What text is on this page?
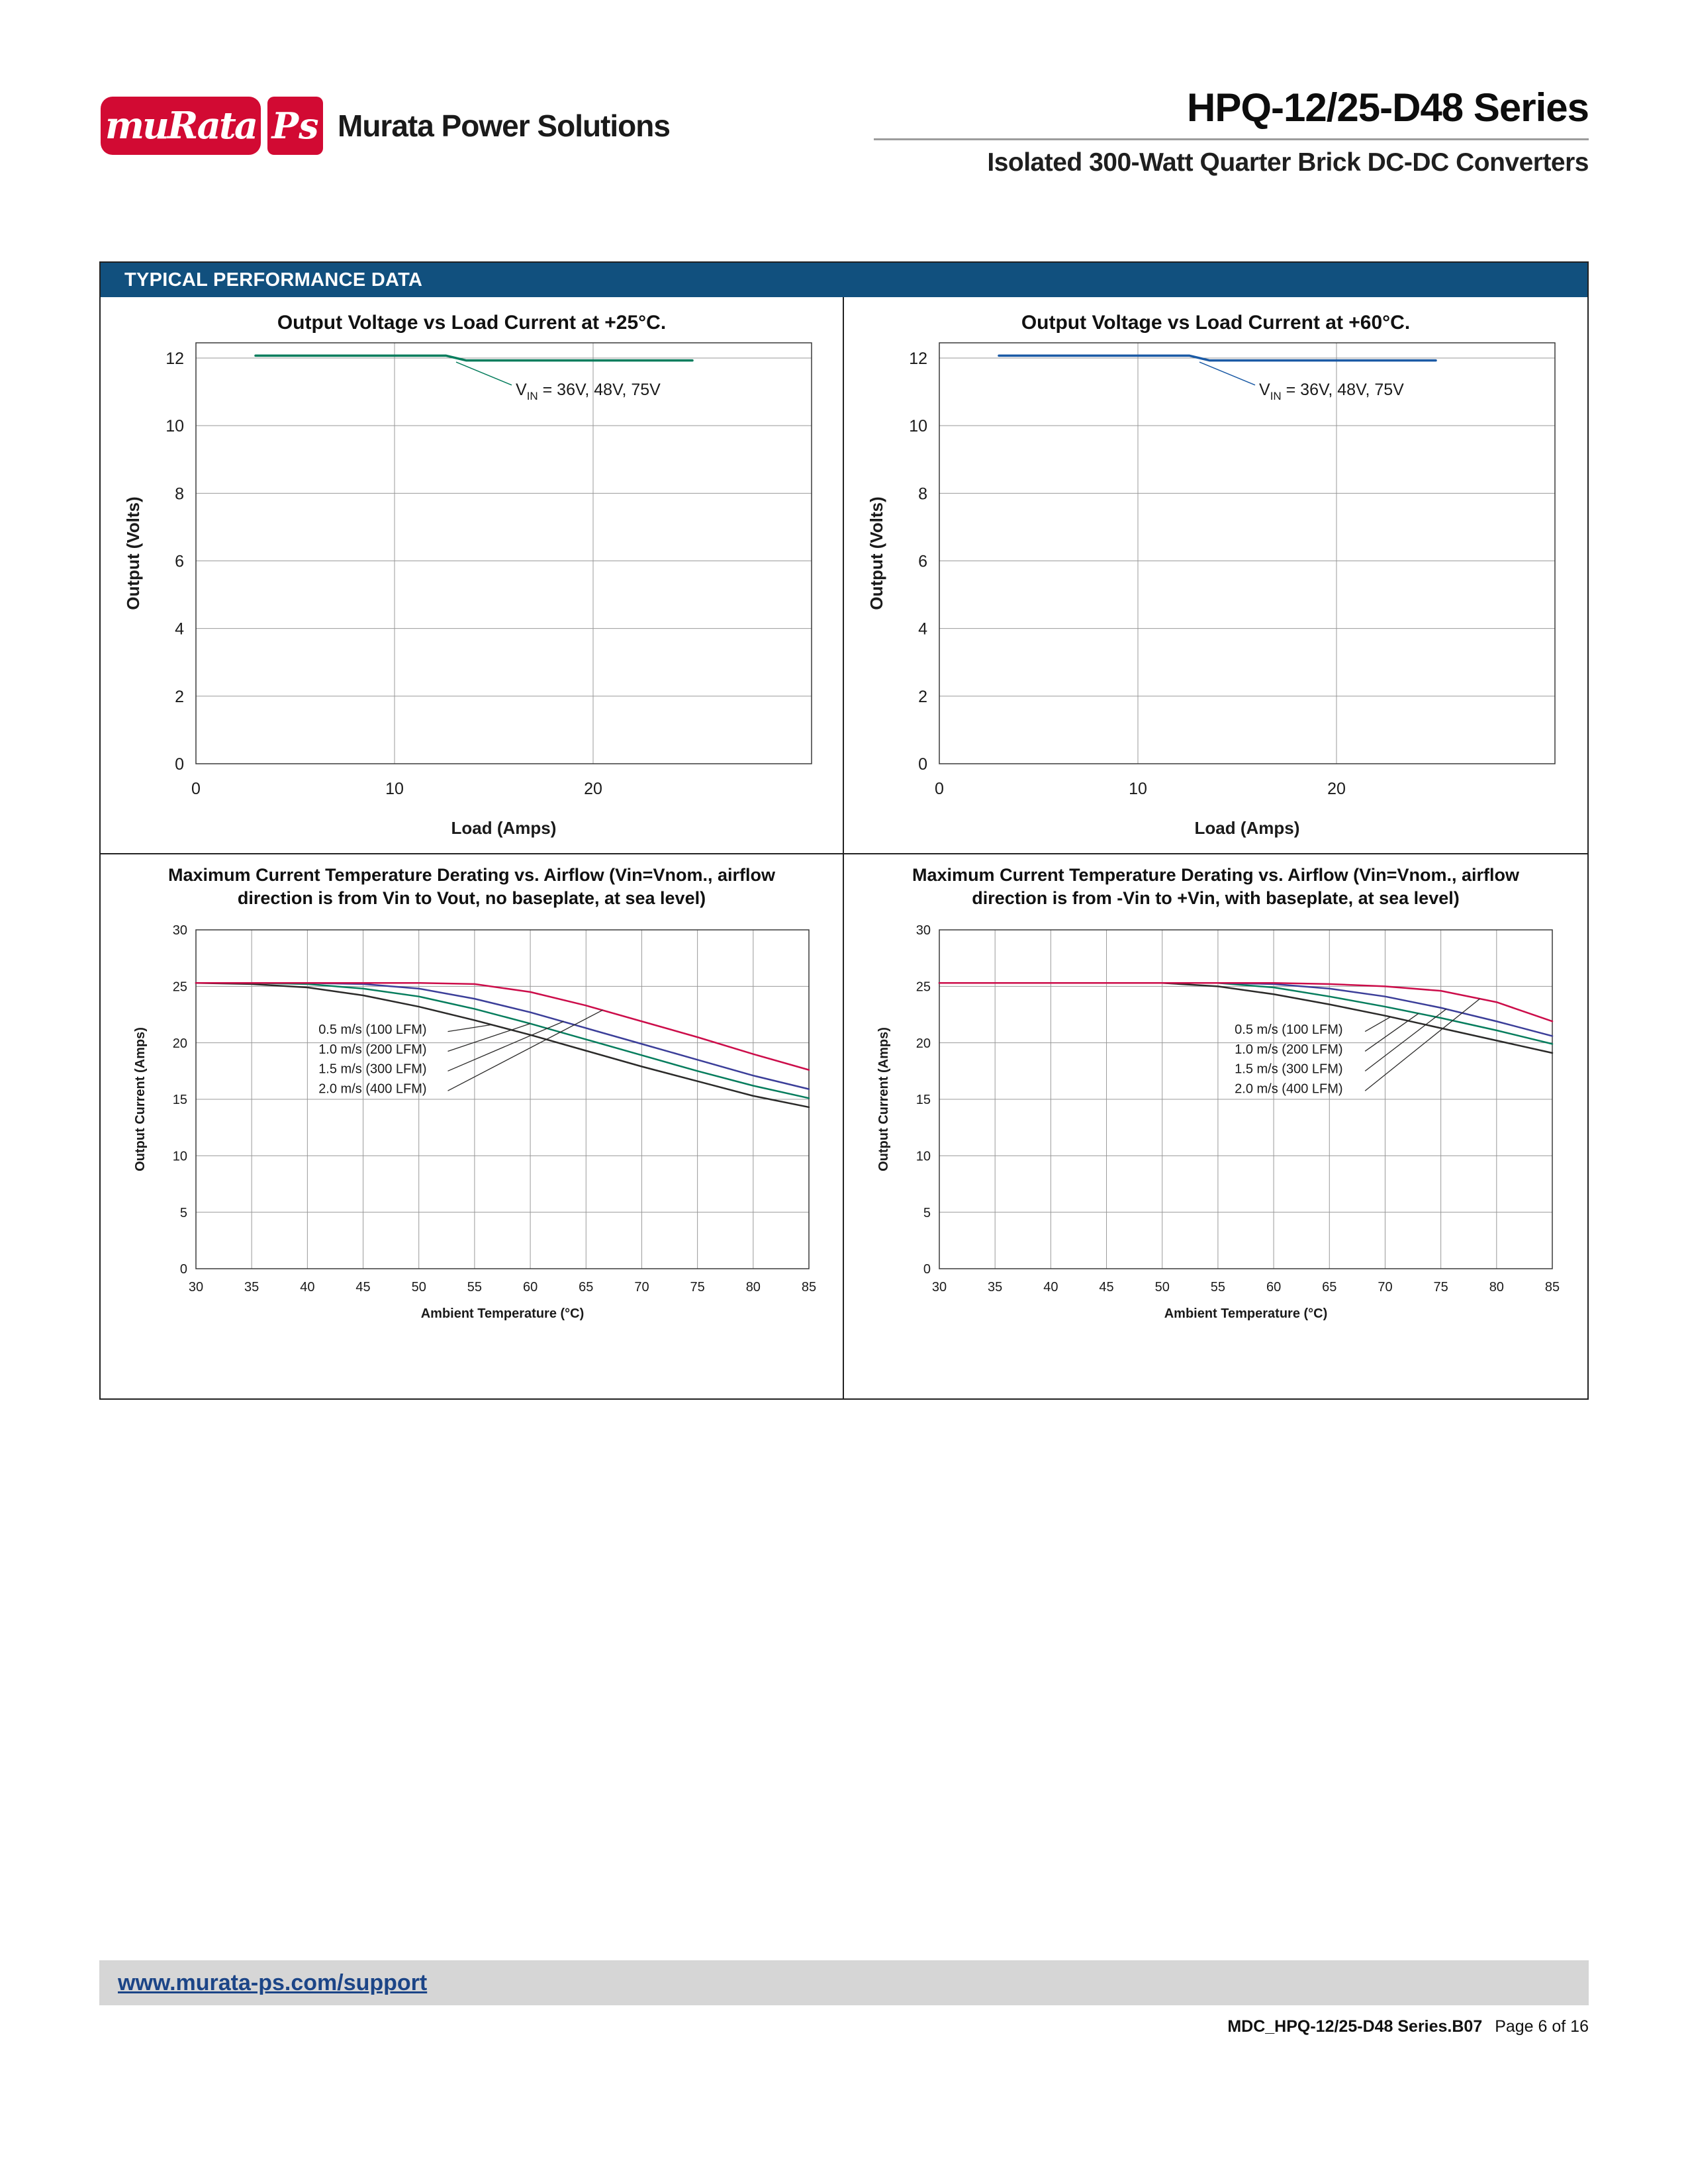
muRata Ps Murata Power Solutions	HPQ-12/25-D48 Series
Isolated 300-Watt Quarter Brick DC-DC Converters
TYPICAL PERFORMANCE DATA
Output Voltage vs Load Current at +25°C.
0	10	20
0
2
4
6
8
10
12
Load (Amps)
Output (Volts)
$V_{IN} = 36V$, 48V, 75V
Output Voltage vs Load Current at +60°C.
0	10	20
0
2
4
6
8
10
12
Load (Amps)
Output (Volts)
$V_{IN} = 36V$, 48V, 75V
Maximum Current Temperature Derating vs. Airflow (Vin=Vnom., airflow direction is from Vin to Vout, no baseplate, at sea level)
30	35	40	45	50	55	60	65	70	75	80	85
0
5
10
15
20
25
30
Ambient Temperature (°C)
Output Current (Amps)	0.5 m/s (100 LFM)
1.0 m/s (200 LFM)
1.5 m/s (300 LFM)
2.0 m/s (400 LFM)
Maximum Current Temperature Derating vs. Airflow (Vin=Vnom., airflow direction is from -Vin to +Vin, with baseplate, at sea level)
30	35	40	45	50	55	60	65	70	75	80	85
0
5
10
15
20
25
30
Ambient Temperature (°C)
Output Current (Amps)	0.5 m/s (100 LFM)
1.0 m/s (200 LFM)
1.5 m/s (300 LFM)
2.0 m/s (400 LFM)
www.murata-ps.com/support
MDC_HPQ-12/25-D48 Series.B07 Page 6 of 16
